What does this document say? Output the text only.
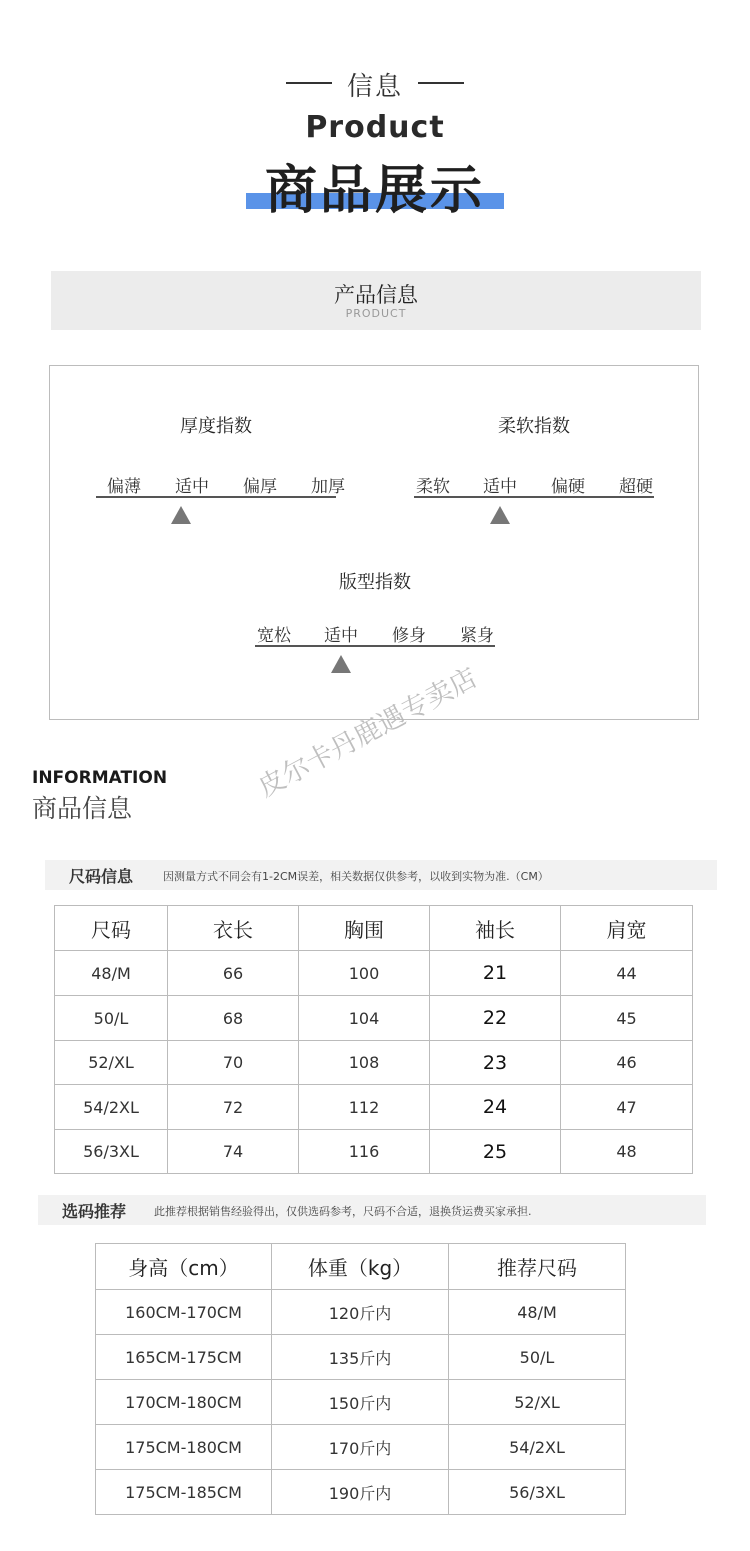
信息
Product
商品展示
产品信息
PRODUCT
厚度指数
偏薄	适中	偏厚	加厚
柔软指数
柔软	适中	偏硬	超硬
版型指数
宽松	适中	修身	紧身
INFORMATION
商品信息
皮尔卡丹鹿遇专卖店
尺码信息	因测量方式不同会有1-2CM误差，相关数据仅供参考，以收到实物为准.（CM）
尺码	衣长	胸围	袖长	肩宽
48/M	66	100	21	44
50/L	68	104	22	45
52/XL	70	108	23	46
54/2XL	72	112	24	47
56/3XL	74	116	25	48
选码推荐	此推荐根据销售经验得出，仅供选码参考，尺码不合适，退换货运费买家承担.
身高（cm）	体重（kg）	推荐尺码
160CM-170CM	120斤内	48/M
165CM-175CM	135斤内	50/L
170CM-180CM	150斤内	52/XL
175CM-180CM	170斤内	54/2XL
175CM-185CM	190斤内	56/3XL
